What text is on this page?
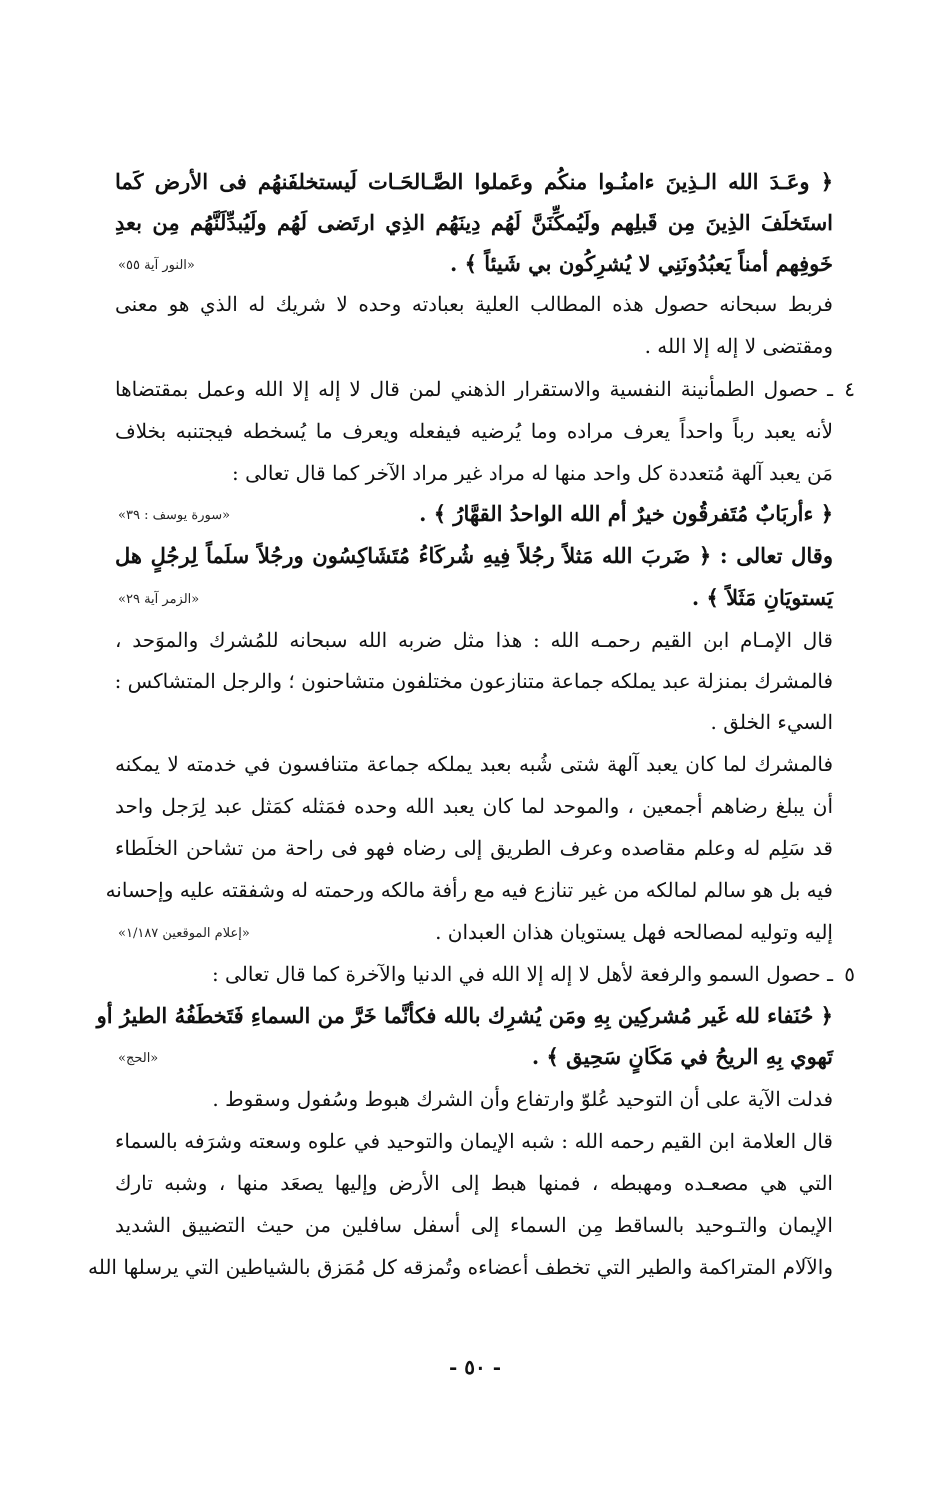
﴿ وعَـدَ الله الـذِينَ ءامنُـوا منكُم وعَملوا الصَّـالحَـات لَيستخلفَنهُم فى الأرض كَما
استَخلَفَ الذِينَ مِن قَبلِهم ولَيُمكِّنَنَّ لَهُم دِينَهُم الذِي ارتَضى لَهُم ولَيُبدِّلَنَّهُم مِن بعدِ
خَوفِهم أمناً يَعبُدُونَنِي لا يُشرِكُون بي شَيئاً ﴾ .
«النور آية ٥٥»
فربط سبحانه حصول هذه المطالب العلية بعبادته وحده لا شريك له الذي هو معنى
ومقتضى لا إله إلا الله .
٤
ـ حصول الطمأنينة النفسية والاستقرار الذهني لمن قال لا إله إلا الله وعمل بمقتضاها
لأنه يعبد رباً واحداً يعرف مراده وما يُرضيه فيفعله ويعرف ما يُسخطه فيجتنبه بخلاف
مَن يعبد آلهة مُتعددة كل واحد منها له مراد غير مراد الآخر كما قال تعالى :
﴿ ءأربَابٌ مُتَفرقُون خيرٌ أم الله الواحدُ القهَّارُ ﴾ .
«سورة يوسف : ٣٩»
وقال تعالى : ﴿ ضَربَ الله مَثلاً رجُلاً فِيهِ شُركَاءُ مُتَشَاكِسُون ورجُلاً سلَماً لِرجُلٍ هل
يَستويَانِ مَثَلاً ﴾ .
«الزمر آية ٢٩»
قال الإمـام ابن القيم رحمـه الله : هذا مثل ضربه الله سبحانه للمُشرك والموَحد ،
فالمشرك بمنزلة عبد يملكه جماعة متنازعون مختلفون متشاحنون ؛ والرجل المتشاكس :
السيء الخلق .
فالمشرك لما كان يعبد آلهة شتى شُبه بعبد يملكه جماعة متنافسون في خدمته لا يمكنه
أن يبلغ رضاهم أجمعين ، والموحد لما كان يعبد الله وحده فمَثله كمَثل عبد لِرَجل واحد
قد سَلِم له وعلم مقاصده وعرف الطريق إلى رضاه فهو فى راحة من تشاحن الخلَطاء
فيه بل هو سالم لمالكه من غير تنازع فيه مع رأفة مالكه ورحمته له وشفقته عليه وإحسانه
إليه وتوليه لمصالحه فهل يستويان هذان العبدان .
«إعلام الموقعين ١/١٨٧»
٥
ـ حصول السمو والرفعة لأهل لا إله إلا الله في الدنيا والآخرة كما قال تعالى :
﴿ حُنَفاء لله غَير مُشركِين بِهِ ومَن يُشرِك بالله فكأنَّما خَرَّ من السماءِ فَتَخطَفُهُ الطيرُ أو
تَهوي بِهِ الريحُ في مَكَانٍ سَحِيق ﴾ .
«الحج»
فدلت الآية على أن التوحيد عُلوّ وارتفاع وأن الشرك هبوط وسُفول وسقوط .
قال العلامة ابن القيم رحمه الله : شبه الإيمان والتوحيد في علوه وسعته وشرَفه بالسماء
التي هي مصعـده ومهبطه ، فمنها هبط إلى الأرض وإليها يصعَد منها ، وشبه تارك
الإيمان والتـوحيد بالساقط مِن السماء إلى أسفل سافلين من حيث التضييق الشديد
والآلام المتراكمة والطير التي تخطف أعضاءه وتُمزقه كل مُمَزق بالشياطين التي يرسلها الله
- ٥٠ -
